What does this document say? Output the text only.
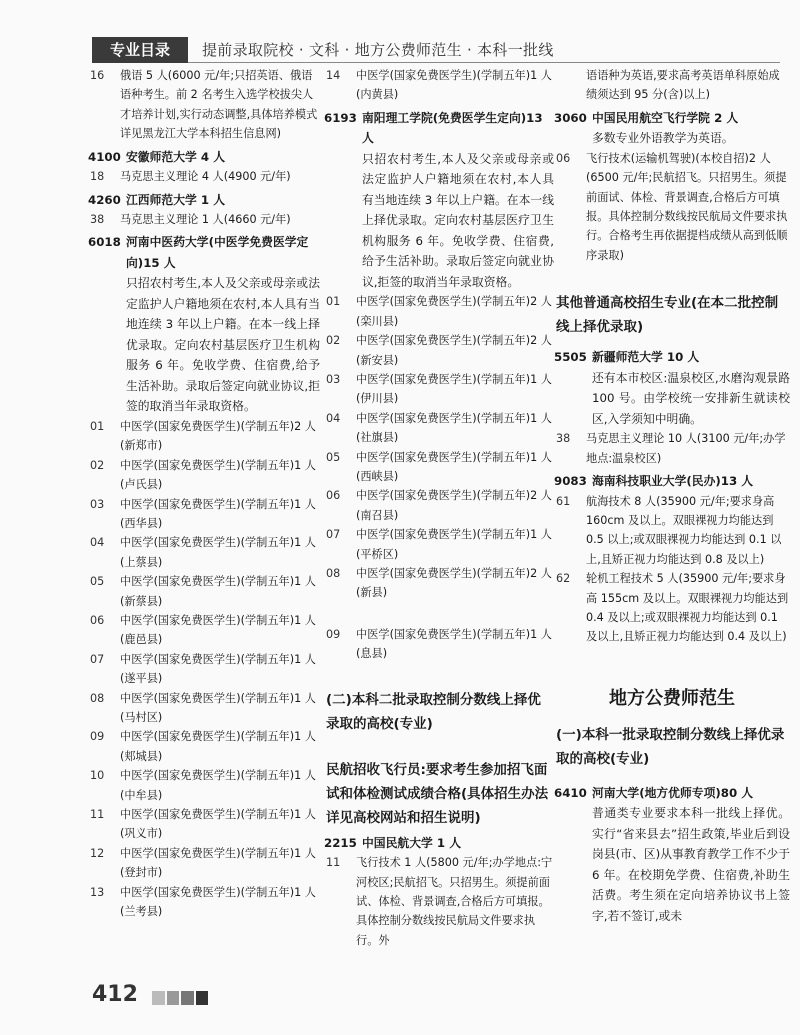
专业目录	提前录取院校 · 文科 · 地方公费师范生 · 本科一批线
16	俄语 5 人(6000 元/年;只招英语、俄语语种考生。前 2 名考生入选学校拔尖人才培养计划,实行动态调整,具体培养模式详见黑龙江大学本科招生信息网)
4100 安徽师范大学 4 人
18	马克思主义理论 4 人(4900 元/年)
4260 江西师范大学 1 人
38	马克思主义理论 1 人(4660 元/年)
6018 河南中医药大学(中医学免费医学定向)15 人
只招农村考生,本人及父亲或母亲或法定监护人户籍地须在农村,本人具有当地连续 3 年以上户籍。在本一线上择优录取。定向农村基层医疗卫生机构服务 6 年。免收学费、住宿费,给予生活补助。录取后签定向就业协议,拒签的取消当年录取资格。
01	中医学(国家免费医学生)(学制五年)2 人(新郑市)
02	中医学(国家免费医学生)(学制五年)1 人(卢氏县)
03	中医学(国家免费医学生)(学制五年)1 人(西华县)
04	中医学(国家免费医学生)(学制五年)1 人(上蔡县)
05	中医学(国家免费医学生)(学制五年)1 人(新蔡县)
06	中医学(国家免费医学生)(学制五年)1 人(鹿邑县)
07	中医学(国家免费医学生)(学制五年)1 人(遂平县)
08	中医学(国家免费医学生)(学制五年)1 人(马村区)
09	中医学(国家免费医学生)(学制五年)1 人(郏城县)
10	中医学(国家免费医学生)(学制五年)1 人(中牟县)
11	中医学(国家免费医学生)(学制五年)1 人(巩义市)
12	中医学(国家免费医学生)(学制五年)1 人(登封市)
13	中医学(国家免费医学生)(学制五年)1 人(兰考县)
14	中医学(国家免费医学生)(学制五年)1 人(内黄县)
6193 南阳理工学院(免费医学生定向)13 人
只招农村考生,本人及父亲或母亲或法定监护人户籍地须在农村,本人具有当地连续 3 年以上户籍。在本一线上择优录取。定向农村基层医疗卫生机构服务 6 年。免收学费、住宿费,给予生活补助。录取后签定向就业协议,拒签的取消当年录取资格。
01	中医学(国家免费医学生)(学制五年)2 人(栾川县)
02	中医学(国家免费医学生)(学制五年)2 人(新安县)
03	中医学(国家免费医学生)(学制五年)1 人(伊川县)
04	中医学(国家免费医学生)(学制五年)1 人(社旗县)
05	中医学(国家免费医学生)(学制五年)1 人(西峡县)
06	中医学(国家免费医学生)(学制五年)2 人(南召县)
07	中医学(国家免费医学生)(学制五年)1 人(平桥区)
08	中医学(国家免费医学生)(学制五年)2 人(新县)
09	中医学(国家免费医学生)(学制五年)1 人(息县)
(二)本科二批录取控制分数线上择优录取的高校(专业)
民航招收飞行员:要求考生参加招飞面试和体检测试成绩合格(具体招生办法详见高校网站和招生说明)
2215 中国民航大学 1 人
11	飞行技术 1 人(5800 元/年;办学地点:宁河校区;民航招飞。只招男生。须提前面试、体检、背景调查,合格后方可填报。具体控制分数线按民航局文件要求执行。外
语语种为英语,要求高考英语单科原始成绩须达到 95 分(含)以上)
3060 中国民用航空飞行学院 2 人
多数专业外语教学为英语。
06	飞行技术(运输机驾驶)(本校自招)2 人(6500 元/年;民航招飞。只招男生。须提前面试、体检、背景调查,合格后方可填报。具体控制分数线按民航局文件要求执行。合格考生再依据提档成绩从高到低顺序录取)
其他普通高校招生专业(在本二批控制线上择优录取)
5505 新疆师范大学 10 人
还有本市校区:温泉校区,水磨沟观景路 100 号。由学校统一安排新生就读校区,入学须知中明确。
38	马克思主义理论 10 人(3100 元/年;办学地点:温泉校区)
9083 海南科技职业大学(民办)13 人
61	航海技术 8 人(35900 元/年;要求身高 160cm 及以上。双眼裸视力均能达到 0.5 以上;或双眼裸视力均能达到 0.1 以上,且矫正视力均能达到 0.8 及以上)
62	轮机工程技术 5 人(35900 元/年;要求身高 155cm 及以上。双眼裸视力均能达到 0.4 及以上;或双眼裸视力均能达到 0.1 及以上,且矫正视力均能达到 0.4 及以上)
地方公费师范生
(一)本科一批录取控制分数线上择优录取的高校(专业)
6410 河南大学(地方优师专项)80 人
普通类专业要求本科一批线上择优。实行“省来县去”招生政策,毕业后到设岗县(市、区)从事教育教学工作不少于 6 年。在校期免学费、住宿费,补助生活费。考生须在定向培养协议书上签字,若不签订,或未
412
